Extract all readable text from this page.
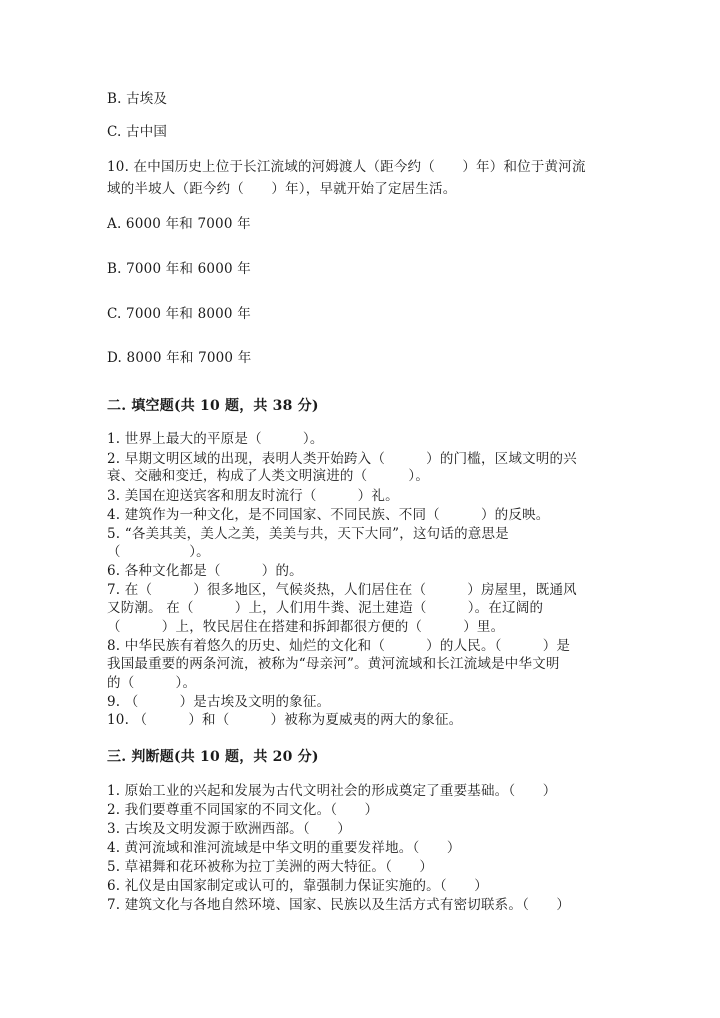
B. 古埃及
C. 古中国
10. 在中国历史上位于长江流域的河姆渡人（距今约（　　）年）和位于黄河流
域的半坡人（距今约（　　）年），早就开始了定居生活。
A. 6000 年和 7000 年
B. 7000 年和 6000 年
C. 7000 年和 8000 年
D. 8000 年和 7000 年
二. 填空题(共 10 题，共 38 分)
1. 世界上最大的平原是（　　　）。
2. 早期文明区域的出现，表明人类开始跨入（　　　）的门槛，区域文明的兴
衰、交融和变迁，构成了人类文明演进的（　　　）。
3. 美国在迎送宾客和朋友时流行（　　　）礼。
4. 建筑作为一种文化，是不同国家、不同民族、不同（　　　）的反映。
5. “各美其美，美人之美，美美与共，天下大同”，这句话的意思是
（　　　　　）。
6. 各种文化都是（　　　）的。
7. 在（　　　）很多地区，气候炎热，人们居住在（　　　）房屋里，既通风
又防潮。 在（　　　）上，人们用牛粪、泥土建造（　　　）。在辽阔的
（　　　）上，牧民居住在搭建和拆卸都很方便的（　　　）里。
8. 中华民族有着悠久的历史、灿烂的文化和（　　　）的人民。（　　　）是
我国最重要的两条河流，被称为“母亲河”。黄河流域和长江流域是中华文明
的（　　　）。
9. （　　　）是古埃及文明的象征。
10. （　　　）和（　　　）被称为夏威夷的两大的象征。
三. 判断题(共 10 题，共 20 分)
1. 原始工业的兴起和发展为古代文明社会的形成奠定了重要基础。（　　）
2. 我们要尊重不同国家的不同文化。（　　）
3. 古埃及文明发源于欧洲西部。（　　）
4. 黄河流域和淮河流域是中华文明的重要发祥地。（　　）
5. 草裙舞和花环被称为拉丁美洲的两大特征。（　　）
6. 礼仪是由国家制定或认可的，靠强制力保证实施的。（　　）
7. 建筑文化与各地自然环境、国家、民族以及生活方式有密切联系。（　　）
